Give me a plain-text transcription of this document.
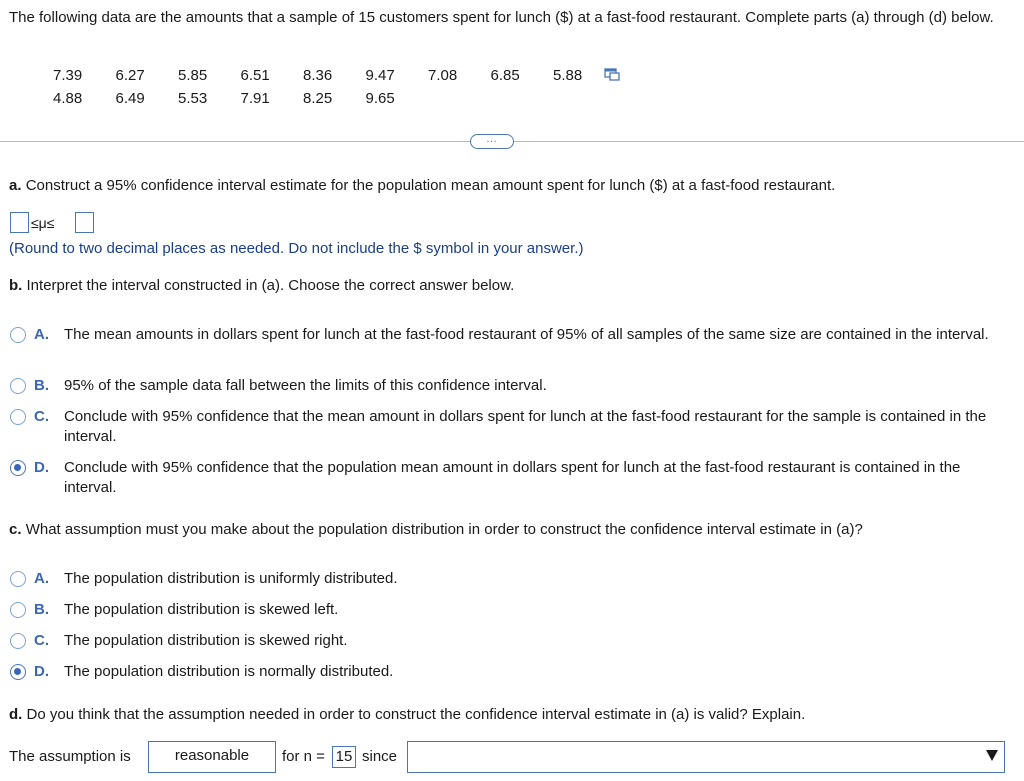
The following data are the amounts that a sample of 15 customers spent for lunch ($) at a fast-food restaurant. Complete parts (a) through (d) below.
7.39	6.27	5.85	6.51	8.36	9.47	7.08	6.85	5.88
4.88	6.49	5.53	7.91	8.25	9.65			
…
a. Construct a 95% confidence interval estimate for the population mean amount spent for lunch ($) at a fast-food restaurant.
≤μ≤
(Round to two decimal places as needed. Do not include the $ symbol in your answer.)
b. Interpret the interval constructed in (a). Choose the correct answer below.
A. The mean amounts in dollars spent for lunch at the fast-food restaurant of 95% of all samples of the same size are contained in the interval.
B. 95% of the sample data fall between the limits of this confidence interval.
C. Conclude with 95% confidence that the mean amount in dollars spent for lunch at the fast-food restaurant for the sample is contained in the interval.
D. Conclude with 95% confidence that the population mean amount in dollars spent for lunch at the fast-food restaurant is contained in the interval.
c. What assumption must you make about the population distribution in order to construct the confidence interval estimate in (a)?
A. The population distribution is uniformly distributed.
B. The population distribution is skewed left.
C. The population distribution is skewed right.
D. The population distribution is normally distributed.
d. Do you think that the assumption needed in order to construct the confidence interval estimate in (a) is valid? Explain.
The assumption is	reasonable	for n = 15 since
